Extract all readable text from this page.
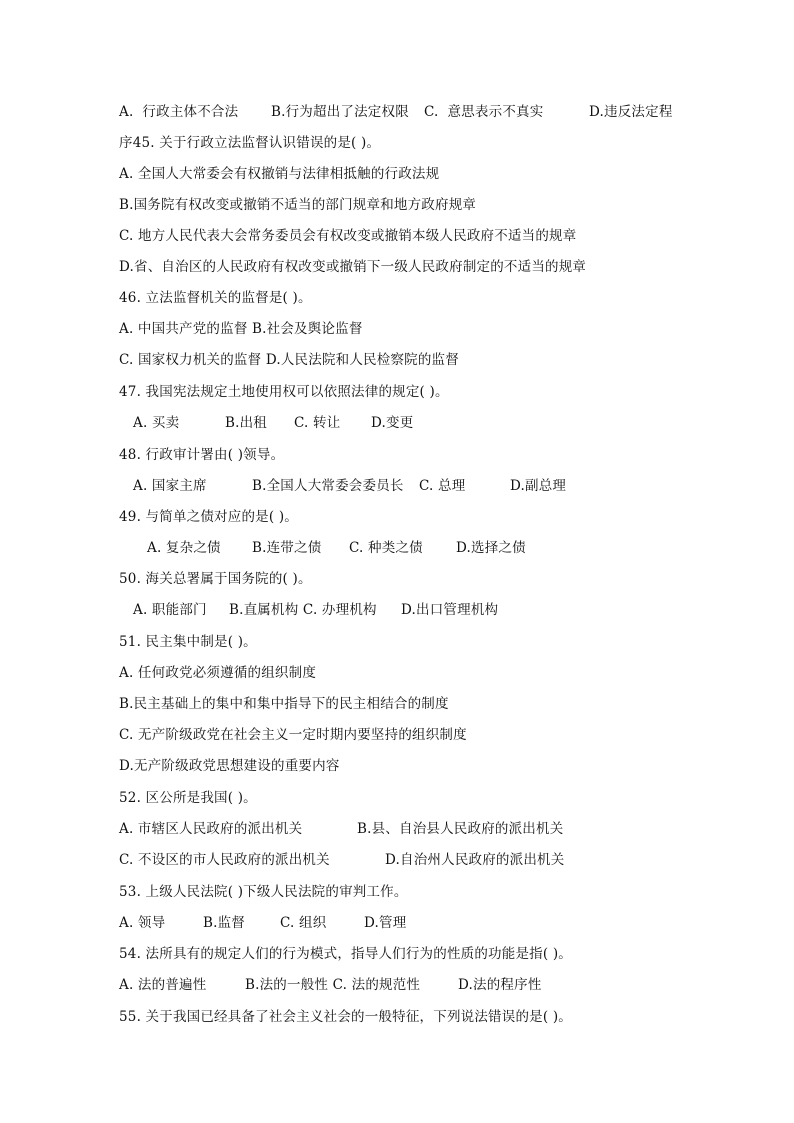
A.  行政主体不合法

B.行为超出了法定权限

C.  意思表示不真实

	D.违反法定程

序45. 关于行政立法监督认识错误的是( )。
A. 全国人大常委会有权撤销与法律相抵触的行政法规
B.国务院有权改变或撤销不适当的部门规章和地方政府规章
C. 地方人民代表大会常务委员会有权改变或撤销本级人民政府不适当的规章
D.省、自治区的人民政府有权改变或撤销下一级人民政府制定的不适当的规章
46. 立法监督机关的监督是( )。
A. 中国共产党的监督 B.社会及舆论监督
C. 国家权力机关的监督 D.人民法院和人民检察院的监督
47. 我国宪法规定土地使用权可以依照法律的规定( )。

A. 买卖

	B.出租

C. 转让

D.变更

48. 行政审计署由( )领导。

A. 国家主席

	B.全国人大常委会委员长

C. 总理

	D.副总理

49. 与简单之债对应的是( )。

A. 复杂之债

B.连带之债

C. 种类之债

D.选择之债

50. 海关总署属于国务院的( )。

A. 职能部门

B.直属机构 C. 办理机构

D.出口管理机构

51. 民主集中制是( )。
A. 任何政党必须遵循的组织制度
B.民主基础上的集中和集中指导下的民主相结合的制度
C. 无产阶级政党在社会主义一定时期内要坚持的组织制度
D.无产阶级政党思想建设的重要内容
52. 区公所是我国( )。

A. 市辖区人民政府的派出机关

	B.县、自治县人民政府的派出机关

C. 不设区的市人民政府的派出机关

	D.自治州人民政府的派出机关

53. 上级人民法院( )下级人民法院的审判工作。

A. 领导

	B.监督

	C. 组织

	D.管理

54. 法所具有的规定人们的行为模式，指导人们行为的性质的功能是指( )。

A. 法的普遍性

	B.法的一般性 C. 法的规范性

	D.法的程序性

55. 关于我国已经具备了社会主义社会的一般特征，下列说法错误的是( )。
